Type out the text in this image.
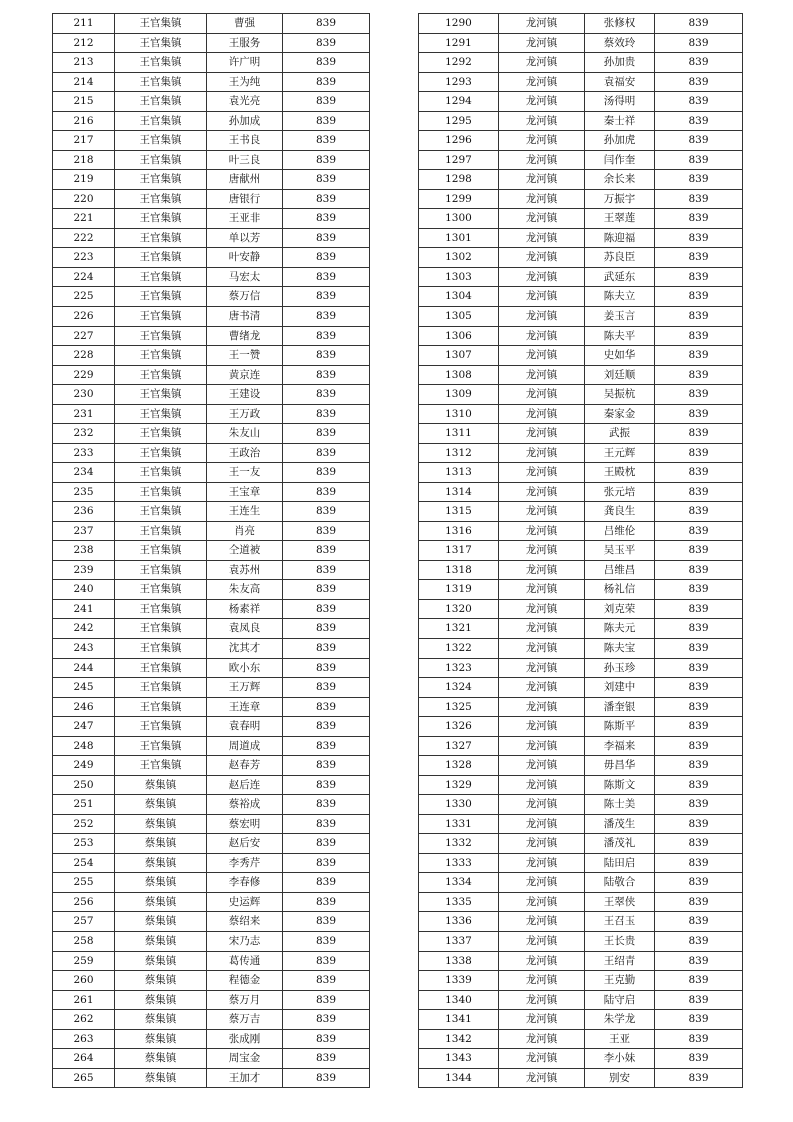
211	王官集镇	曹强	839
212	王官集镇	王服务	839
213	王官集镇	许广明	839
214	王官集镇	王为纯	839
215	王官集镇	袁光亮	839
216	王官集镇	孙加成	839
217	王官集镇	王书良	839
218	王官集镇	叶三良	839
219	王官集镇	唐献州	839
220	王官集镇	唐银行	839
221	王官集镇	王亚非	839
222	王官集镇	单以芳	839
223	王官集镇	叶安静	839
224	王官集镇	马宏太	839
225	王官集镇	蔡万信	839
226	王官集镇	唐书清	839
227	王官集镇	曹绪龙	839
228	王官集镇	王一赞	839
229	王官集镇	黄京连	839
230	王官集镇	王建设	839
231	王官集镇	王万政	839
232	王官集镇	朱友山	839
233	王官集镇	王政治	839
234	王官集镇	王一友	839
235	王官集镇	王宝章	839
236	王官集镇	王连生	839
237	王官集镇	肖亮	839
238	王官集镇	仝道被	839
239	王官集镇	袁苏州	839
240	王官集镇	朱友高	839
241	王官集镇	杨素祥	839
242	王官集镇	袁凤良	839
243	王官集镇	沈其才	839
244	王官集镇	欧小东	839
245	王官集镇	王万辉	839
246	王官集镇	王连章	839
247	王官集镇	袁春明	839
248	王官集镇	周道成	839
249	王官集镇	赵春芳	839
250	蔡集镇	赵后连	839
251	蔡集镇	蔡裕成	839
252	蔡集镇	蔡宏明	839
253	蔡集镇	赵后安	839
254	蔡集镇	李秀芹	839
255	蔡集镇	李春修	839
256	蔡集镇	史运辉	839
257	蔡集镇	蔡绍来	839
258	蔡集镇	宋乃志	839
259	蔡集镇	葛传通	839
260	蔡集镇	程德金	839
261	蔡集镇	蔡万月	839
262	蔡集镇	蔡万吉	839
263	蔡集镇	张成刚	839
264	蔡集镇	周宝金	839
265	蔡集镇	王加才	839
1290	龙河镇	张修权	839
1291	龙河镇	蔡效玲	839
1292	龙河镇	孙加贵	839
1293	龙河镇	袁福安	839
1294	龙河镇	汤得明	839
1295	龙河镇	秦士祥	839
1296	龙河镇	孙加虎	839
1297	龙河镇	闫作奎	839
1298	龙河镇	余长来	839
1299	龙河镇	万振宇	839
1300	龙河镇	王翠莲	839
1301	龙河镇	陈迎福	839
1302	龙河镇	苏良臣	839
1303	龙河镇	武延东	839
1304	龙河镇	陈夫立	839
1305	龙河镇	姜玉言	839
1306	龙河镇	陈夫平	839
1307	龙河镇	史如华	839
1308	龙河镇	刘廷顺	839
1309	龙河镇	吴振杭	839
1310	龙河镇	秦家金	839
1311	龙河镇	武振	839
1312	龙河镇	王元辉	839
1313	龙河镇	王殿枕	839
1314	龙河镇	张元培	839
1315	龙河镇	龚良生	839
1316	龙河镇	吕维伦	839
1317	龙河镇	吴玉平	839
1318	龙河镇	吕维昌	839
1319	龙河镇	杨礼信	839
1320	龙河镇	刘克荣	839
1321	龙河镇	陈夫元	839
1322	龙河镇	陈夫宝	839
1323	龙河镇	孙玉珍	839
1324	龙河镇	刘建中	839
1325	龙河镇	潘奎银	839
1326	龙河镇	陈斯平	839
1327	龙河镇	李福来	839
1328	龙河镇	毋昌华	839
1329	龙河镇	陈斯文	839
1330	龙河镇	陈士美	839
1331	龙河镇	潘茂生	839
1332	龙河镇	潘茂礼	839
1333	龙河镇	陆田启	839
1334	龙河镇	陆敬合	839
1335	龙河镇	王翠侠	839
1336	龙河镇	王召玉	839
1337	龙河镇	王长贵	839
1338	龙河镇	王绍青	839
1339	龙河镇	王克勤	839
1340	龙河镇	陆守启	839
1341	龙河镇	朱学龙	839
1342	龙河镇	王亚	839
1343	龙河镇	李小妹	839
1344	龙河镇	别安	839
